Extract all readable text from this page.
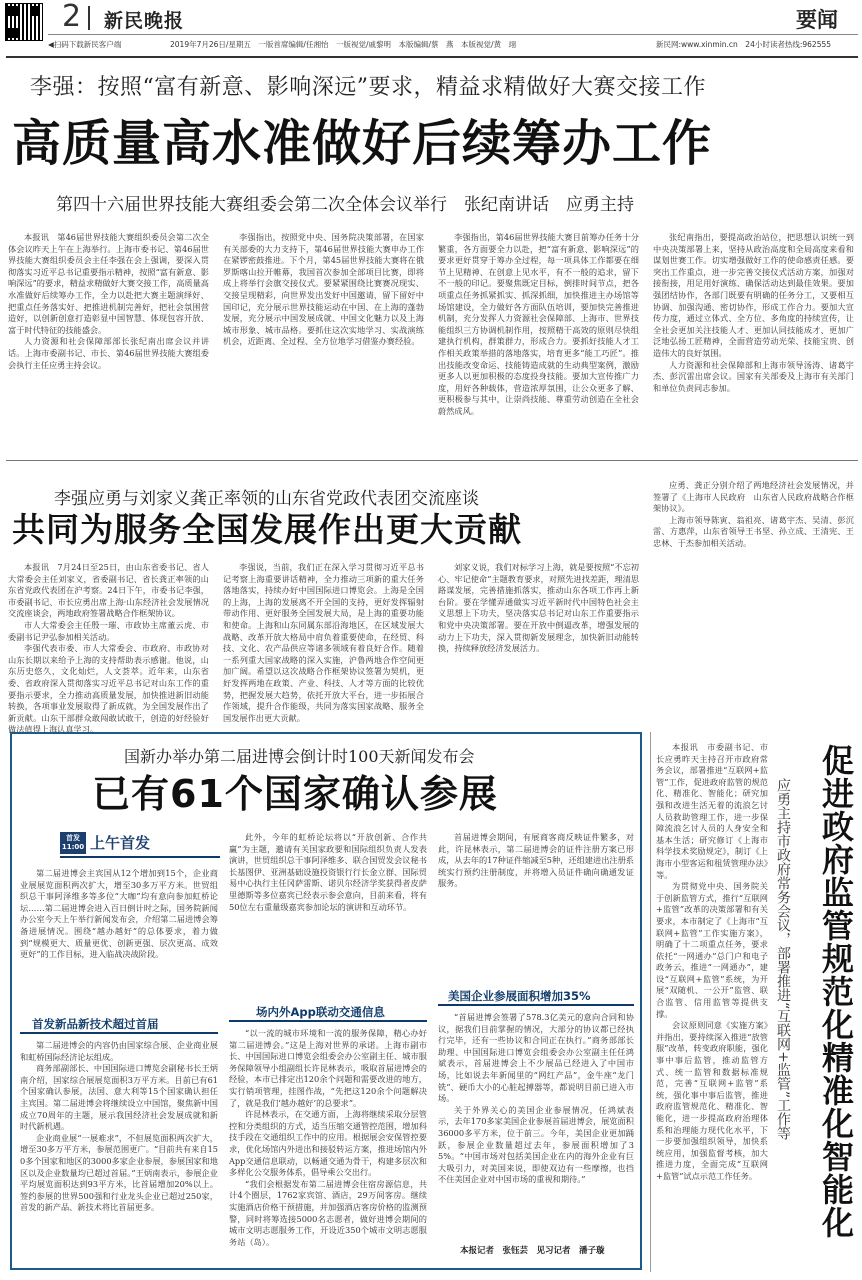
2 新民晚报	要闻
◀扫码下载新民客户端	2019年7月26日/星期五　一版首席编辑/任湘怡　一版视觉/戚黎明　本版编辑/蔡　燕　本版视觉/黄　翊	新民网:www.xinmin.cn　24小时读者热线:962555
李强：按照“富有新意、影响深远”要求，精益求精做好大赛交接工作
高质量高水准做好后续筹办工作
第四十六届世界技能大赛组委会第二次全体会议举行　张纪南讲话　应勇主持

本报讯　第46届世界技能大赛组织委员会第二次全体会议昨天上午在上海举行。上海市委书记、第46届世界技能大赛组织委员会主任李强在会上强调，要深入贯彻落实习近平总书记重要指示精神，按照“富有新意、影响深远”的要求，精益求精做好大赛交接工作，高质量高水准做好后续筹办工作，全力以赴把大赛主题演绎好、把重点任务落实好、把推进机制完善好，把社会氛围营造好，以创新创意打造彰显中国智慧、体现包容开放、富于时代特征的技能盛会。

人力资源和社会保障部部长张纪南出席会议并讲话。上海市委副书记、市长、第46届世界技能大赛组委会执行主任应勇主持会议。

李强指出，按照党中央、国务院决策部署，在国家有关部委的大力支持下，第46届世界技能大赛申办工作在紧锣密鼓推进。下个月，第45届世界技能大赛将在俄罗斯喀山拉开帷幕，我国首次参加全部项目比赛，即将成上将举行会旗交接仪式。要紧紧围绕比赛赛况现实、交接呈现精彩，向世界发出发好中国邀请，留下留好中国印记，充分展示世界技能运动在中国、在上海的蓬勃发展，充分展示中国发展成就、中国文化魅力以及上海城市形象、城市品格。要抓住这次实地学习、实战演练机会，近距离、全过程、全方位地学习借鉴办赛经验。

李强指出，第46届世界技能大赛目前筹办任务十分繁重，各方面要全力以赴，把“富有新意、影响深远”的要求更好贯穿于筹办全过程，每一项具体工作都要在细节上见精神、在创意上见水平，有不一般的追求，留下不一般的印记。要聚焦既定目标，倒排时间节点，把各项重点任务抓紧抓实、抓深抓细，加快推进主办场馆等场馆建设，全力做好各方面队伍培训，要加快完善推进机制，充分发挥人力资源社会保障部、上海市、世界技能组织三方协调机制作用，按照精干高效的原则尽快组建执行机构，群策群力，形成合力。要抓好技能人才工作相关政策举措的落地落实，培育更多“能工巧匠”。推出技能改变命运、技能铸造成就的生动典型案例，激励更多人以更加积极的态度投身技能。要加大宣传推广力度，用好各种载体，营造浓厚氛围，让公众更多了解、更积极参与其中，让崇尚技能、尊重劳动创造在全社会蔚然成风。

张纪南指出，要提高政治站位，把思想认识统一到中央决策部署上来，坚持从政治高度和全局高度来看和谋划世赛工作。切实增强做好工作的使命感责任感。要突出工作重点，进一步完善交接仪式活动方案，加强对接衔接，用足用好演练、确保活动达到最佳效果。要加强团结协作，各部门既要有明确的任务分工，又要相互协调、加强沟通、密切协作，形成工作合力。要加大宣传力度，通过立体式、全方位、多角度的持续宣传，让全社会更加关注技能人才、更加认同技能成才、更加广泛地弘扬工匠精神，全面营造劳动光荣、技能宝贵、创造伟大的良好氛围。

人力资源和社会保障部和上海市领导汤涛、诸葛宇杰、彭沉雷出席会议。国家有关部委及上海市有关部门和单位负责同志参加。

李强应勇与刘家义龚正率领的山东省党政代表团交流座谈
共同为服务全国发展作出更大贡献

本报讯　7月24日至25日，由山东省委书记、省人大常委会主任刘家义，省委副书记、省长龚正率领的山东省党政代表团在沪考察。24日下午，市委书记李强，市委副书记、市长应勇出席上海·山东经济社会发展情况交流座谈会，两地政府签署战略合作框架协议。

市人大常委会主任殷一璀、市政协主席董云虎、市委副书记尹弘参加相关活动。

李强代表市委、市人大常委会、市政府、市政协对山东长期以来给予上海的支持帮助表示感谢。他说，山东历史悠久，文化灿烂，人文荟萃。近年来，山东省委、省政府深入贯彻落实习近平总书记对山东工作的重要指示要求，全力推动高质量发展，加快推进新旧动能转换，各项事业发展取得了新成就，为全国发展作出了新贡献。山东干部群众敢闯敢试敢干，创造的好经验好做法值得上海认真学习。

李强说，当前，我们正在深入学习贯彻习近平总书记考察上海重要讲话精神，全力推动三项新的重大任务落地落实，持续办好中国国际进口博览会。上海是全国的上海，上海的发展离不开全国的支持，更好发挥辐射带动作用、更好服务全国发展大局，是上海的重要功能和使命。上海和山东同属东部沿海地区，在区域发展大战略、改革开放大格局中肩负着重要使命，在经贸、科技、文化、农产品供应等诸多领域有着良好合作。随着一系列重大国家战略的深入实施，沪鲁两地合作空间更加广阔。希望以这次战略合作框架协议签署为契机，更好发挥两地在政策、产业、科技、人才等方面的比较优势，把握发展大趋势，依托开放大平台，进一步拓展合作领域，提升合作能级，共同为落实国家战略、服务全国发展作出更大贡献。

刘家义说，我们对标学习上海，就是要按照“不忘初心、牢记使命”主题教育要求，对照先进找差距，理清思路谋发展，完善措施抓落实，推动山东各项工作再上新台阶。要在学懂弄通做实习近平新时代中国特色社会主义思想上下功夫，坚决落实总书记对山东工作重要指示和党中央决策部署。要在开放中倒逼改革，增强发展的动力上下功夫，深入贯彻新发展理念，加快新旧动能转换，持续释放经济发展活力。

应勇、龚正分别介绍了两地经济社会发展情况，并签署了《上海市人民政府　山东省人民政府战略合作框架协议》。

上海市领导陈寅、翁祖亮、诸葛宇杰、吴清、彭沉雷、方惠萍，山东省领导王书坚、孙立成、王清宪、王忠林、于杰参加相关活动。

国新办举办第二届进博会倒计时100天新闻发布会
已有61个国家确认参展
首发
11:00 上午首发

第二届进博会主宾国从12个增加到15个，企业商业展展览面积两次扩大，增至30多万平方米。世贸组织总干事阿泽维多等多位“大咖”均有意向参加虹桥论坛……第二届进博会进入百日倒计时之际，国务院新闻办公室今天上午举行新闻发布会，介绍第二届进博会筹备进展情况。围绕“越办越好”的总体要求，着力做到“规模更大、质量更优、创新更强、层次更高、成效更好”的工作目标，进入临战决战阶段。

首发新品新技术超过首届

第二届进博会的内容仍由国家综合展、企业商业展和虹桥国际经济论坛组成。

商务部副部长、中国国际进口博览会副秘书长王炳南介绍，国家综合展展览面积3万平方米。目前已有61个国家确认参展，法国、意大利等15个国家确认担任主宾国。第二届进博会将继续设立中国馆，聚焦新中国成立70周年的主题，展示我国经济社会发展成就和新时代新机遇。

企业商业展“一展难求”，不但展览面积两次扩大，增至30多万平方米，参展范围更广。“目前共有来自150多个国家和地区的3000多家企业参展，参展国家和地区以及企业数量均已超过首届。”王炳南表示，参展企业平均展览面积达到93平方米，比首届增加20%以上。签约参展的世界500强和行业龙头企业已超过250家，首发的新产品、新技术将比首届更多。

此外，今年的虹桥论坛将以“开放创新、合作共赢”为主题，邀请有关国家政要和国际组织负责人发表演讲，世贸组织总干事阿泽维多、联合国贸发会议秘书长基图伊、亚洲基础设施投资银行行长金立群、国际贸易中心执行主任冈萨雷斯、诺贝尔经济学奖获得者皮萨里德斯等多位嘉宾已经表示参会意向，目前来看，将有50位左右重量级嘉宾参加论坛的演讲和互动环节。

场内外App联动交通信息

“以一流的城市环境和一流的服务保障，精心办好第二届进博会。”这是上海对世界的承诺。上海市副市长、中国国际进口博览会组委会办公室副主任、城市服务保障领导小组副组长许昆林表示，吸取首届进博会的经验，本市已排定出120余个问题和需要改进的地方，实行销项管理，挂图作战，“先把这120余个问题解决了，就是我们‘越办越好’的总要求”。

许昆林表示，在交通方面，上海将继续采取分层管控和分类组织的方式，适当压缩交通管控范围，增加科技手段在交通组织工作中的应用。根据展会安保管控要求，优化场馆内外进出和接驳转运方案，推进场馆内外App交通信息联动，以畅通交通为骨干，构建多层次和多样化公交服务体系，倡导乘公交出行。

“我们会根据发布第二届进博会住宿房源信息，共计4个圈层，1762家宾馆、酒店，29万间客房。继续实施酒店价格干预措施，并加强酒店客房价格的监测预警，同时将筹选接5000名志愿者，做好进博会期间的城市文明志愿服务工作，开设近350个城市文明志愿服务站（岛）。

首届进博会期间，有展商客商反映证件繁多，对此，许昆林表示，第二届进博会的证件注册方案已形成，从去年的17种证件缩减至5种，还组建进出注册系统实行预约注册制度，并将增入员证件确向确通发证服务。

美国企业参展面积增加35%

“首届进博会签署了578.3亿美元的意向合同和协议，据我们目前掌握的情况，大部分的协议都已经执行完毕，还有一些协议和合同正在执行。”商务部部长助理、中国国际进口博览会组委会办公室副主任任鸿斌表示，首届进博会上不少展品已经进入了中国市场，比如说去年新闻里的“网红产品”，金牛座“龙门铣”、硬币大小的心脏起搏器等，都说明目前已进入市场。

关于外界关心的美国企业参展情况，任鸿斌表示，去年170多家美国企业参展首届进博会，展览面积36000多平方米，位于前三。今年，美国企业更加踊跃，参展企业数量超过去年，参展面积增加了35%。“中国市场对包括美国企业在内的海外企业有巨大吸引力，对美国来说，即使双边有一些摩擦，也挡不住美国企业对中国市场的重视和期待。”

本报记者　张钰芸　见习记者　潘子璇

本报讯　市委副书记、市长应勇昨天主持召开市政府常务会议，部署推进“互联网+监管”工作，促进政府监管的规范化、精准化、智能化；研究加强和改进生活无着的流浪乞讨人员救助管理工作，进一步保障流浪乞讨人员的人身安全和基本生活；研究修订《上海市科学技术奖励规定》，制订《上海市小型客运和租赁管理办法》等。

为贯彻党中央、国务院关于创新监管方式，推行“互联网+监管”改革的决策部署和有关要求，本市制定了《上海市“互联网+监管”工作实施方案》，明确了十二项重点任务，要求依托“一网通办”总门户和电子政务云，推进“一网通办”，建设“互联网+监管”系统，为开展“双随机、一公开”监管、联合监管、信用监管等提供支撑。

会议原则同意《实施方案》并指出，要持续深入推进“放管服”改革，转变政府职能，强化事中事后监管，推动监管方式、统一监管和数据标准规范，完善“互联网+监管”系统，强化事中事后监管，推进政府监管规范化、精准化、智能化，进一步提高政府治理体系和治理能力现代化水平，下一步要加强组织领导，加快系统应用，加强监督考核，加大推进力度，全面完成“互联网+监管”试点示范工作任务。

应勇主持市政府常务会议，部署推进“互联网+监管”工作等 促进政府监管规范化精准化智能化
